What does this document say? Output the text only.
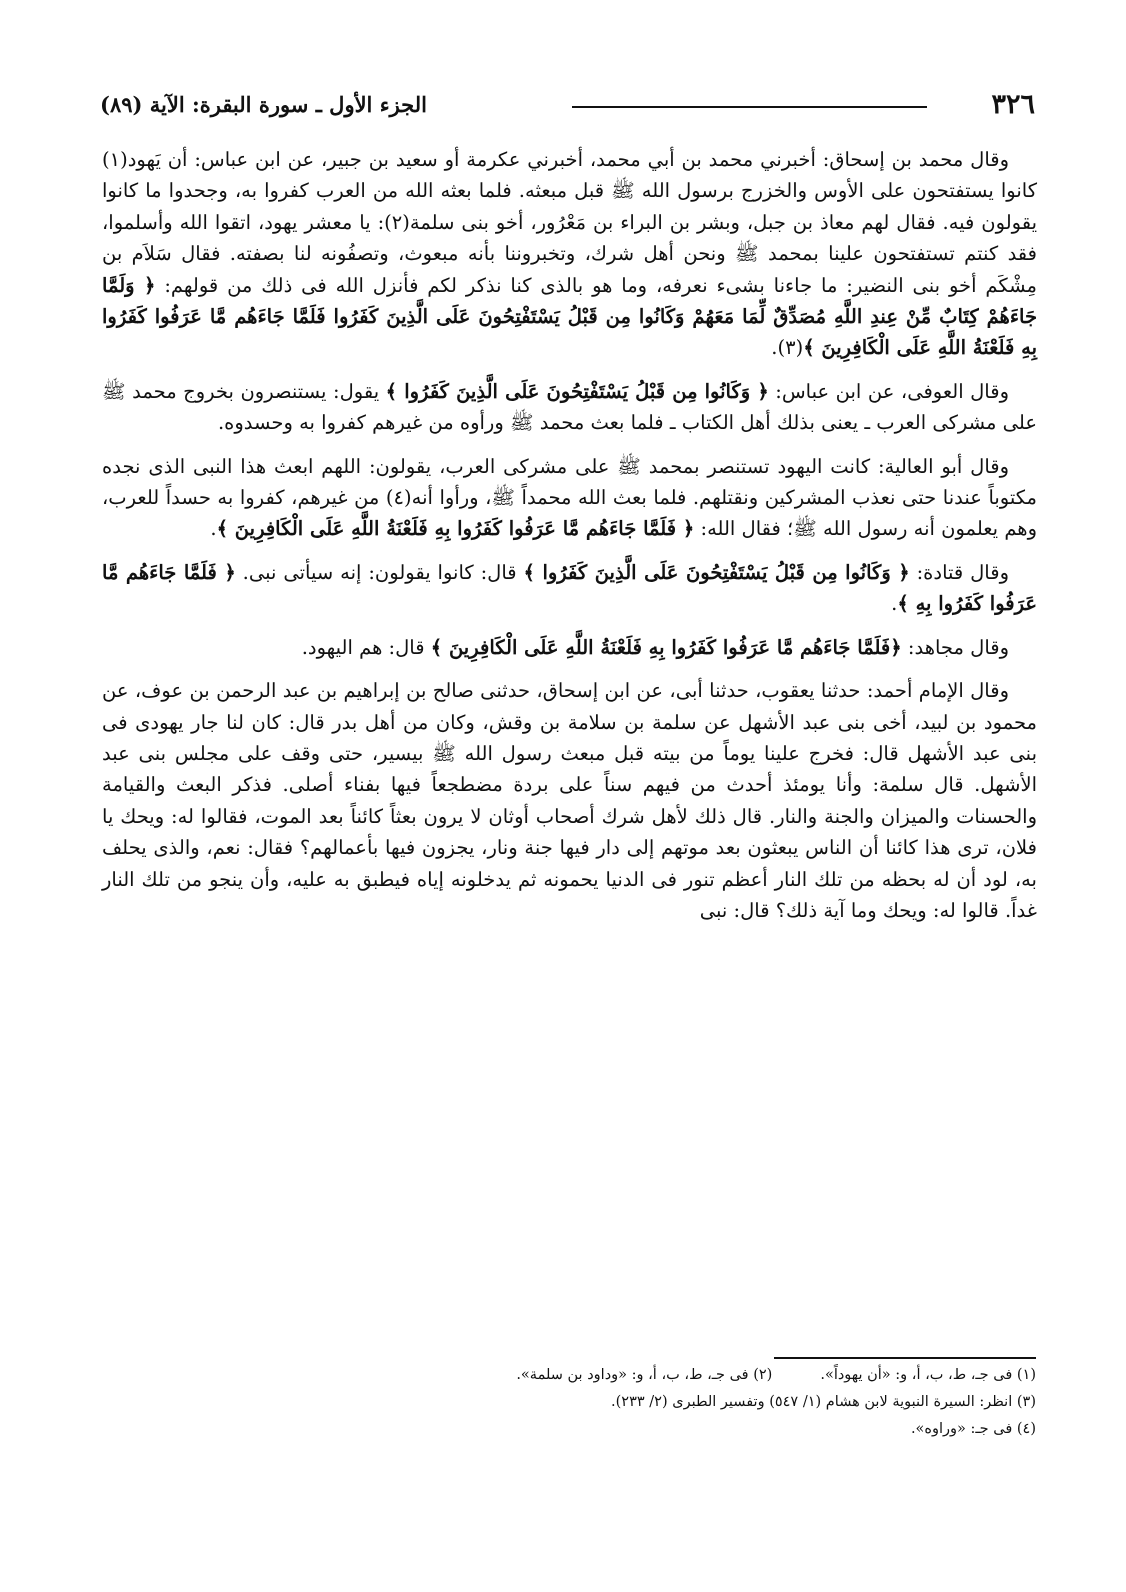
٣٢٦
الجزء الأول ـ سورة البقرة: الآية (٨٩)

وقال محمد بن إسحاق: أخبرني محمد بن أبي محمد، أخبرني عكرمة أو سعيد بن جبير، عن ابن عباس: أن يَهود(١) كانوا يستفتحون على الأوس والخزرج برسول الله ﷺ قبل مبعثه. فلما بعثه الله من العرب كفروا به، وجحدوا ما كانوا يقولون فيه. فقال لهم معاذ بن جبل، وبشر بن البراء بن مَعْرُور، أخو بنى سلمة(٢): يا معشر يهود، اتقوا الله وأسلموا، فقد كنتم تستفتحون علينا بمحمد ﷺ ونحن أهل شرك، وتخبروننا بأنه مبعوث، وتصفُونه لنا بصفته. فقال سَلاَم بن مِشْكَم أخو بنى النضير: ما جاءنا بشىء نعرفه، وما هو بالذى كنا نذكر لكم فأنزل الله فى ذلك من قولهم: ﴿ وَلَمَّا جَاءَهُمْ كِتَابٌ مِّنْ عِندِ اللَّهِ مُصَدِّقٌ لِّمَا مَعَهُمْ وَكَانُوا مِن قَبْلُ يَسْتَفْتِحُونَ عَلَى الَّذِينَ كَفَرُوا فَلَمَّا جَاءَهُم مَّا عَرَفُوا كَفَرُوا بِهِ فَلَعْنَةُ اللَّهِ عَلَى الْكَافِرِينَ ﴾(٣).

وقال العوفى، عن ابن عباس: ﴿ وَكَانُوا مِن قَبْلُ يَسْتَفْتِحُونَ عَلَى الَّذِينَ كَفَرُوا ﴾ يقول: يستنصرون بخروج محمد ﷺ على مشركى العرب ـ يعنى بذلك أهل الكتاب ـ فلما بعث محمد ﷺ ورأوه من غيرهم كفروا به وحسدوه.

وقال أبو العالية: كانت اليهود تستنصر بمحمد ﷺ على مشركى العرب، يقولون: اللهم ابعث هذا النبى الذى نجده مكتوباً عندنا حتى نعذب المشركين ونقتلهم. فلما بعث الله محمداً ﷺ، ورأوا أنه(٤) من غيرهم، كفروا به حسداً للعرب، وهم يعلمون أنه رسول الله ﷺ؛ فقال الله: ﴿ فَلَمَّا جَاءَهُم مَّا عَرَفُوا كَفَرُوا بِهِ فَلَعْنَةُ اللَّهِ عَلَى الْكَافِرِينَ ﴾.

وقال قتادة: ﴿ وَكَانُوا مِن قَبْلُ يَسْتَفْتِحُونَ عَلَى الَّذِينَ كَفَرُوا ﴾ قال: كانوا يقولون: إنه سيأتى نبى. ﴿ فَلَمَّا جَاءَهُم مَّا عَرَفُوا كَفَرُوا بِهِ ﴾.

وقال مجاهد: ﴿فَلَمَّا جَاءَهُم مَّا عَرَفُوا كَفَرُوا بِهِ فَلَعْنَةُ اللَّهِ عَلَى الْكَافِرِينَ ﴾ قال: هم اليهود.

وقال الإمام أحمد: حدثنا يعقوب، حدثنا أبى، عن ابن إسحاق، حدثنى صالح بن إبراهيم بن عبد الرحمن بن عوف، عن محمود بن لبيد، أخى بنى عبد الأشهل عن سلمة بن سلامة بن وقش، وكان من أهل بدر قال: كان لنا جار يهودى فى بنى عبد الأشهل قال: فخرج علينا يوماً من بيته قبل مبعث رسول الله ﷺ بيسير، حتى وقف على مجلس بنى عبد الأشهل. قال سلمة: وأنا يومئذ أحدث من فيهم سناً على بردة مضطجعاً فيها بفناء أصلى. فذكر البعث والقيامة والحسنات والميزان والجنة والنار. قال ذلك لأهل شرك أصحاب أوثان لا يرون بعثاً كائناً بعد الموت، فقالوا له: ويحك يا فلان، ترى هذا كائنا أن الناس يبعثون بعد موتهم إلى دار فيها جنة ونار، يجزون فيها بأعمالهم؟ فقال: نعم، والذى يحلف به، لود أن له بحظه من تلك النار أعظم تنور فى الدنيا يحمونه ثم يدخلونه إياه فيطبق به عليه، وأن ينجو من تلك النار غداً. قالوا له: ويحك وما آية ذلك؟ قال: نبى

(١) فى جـ، ط، ب، أ، و: «أن يهوداً».(٢) فى جـ، ط، ب، أ، و: «وداود بن سلمة».

(٣) انظر: السيرة النبوية لابن هشام (١/ ٥٤٧) وتفسير الطبرى (٢/ ٢٣٣).

(٤) فى جـ: «وراوه».
